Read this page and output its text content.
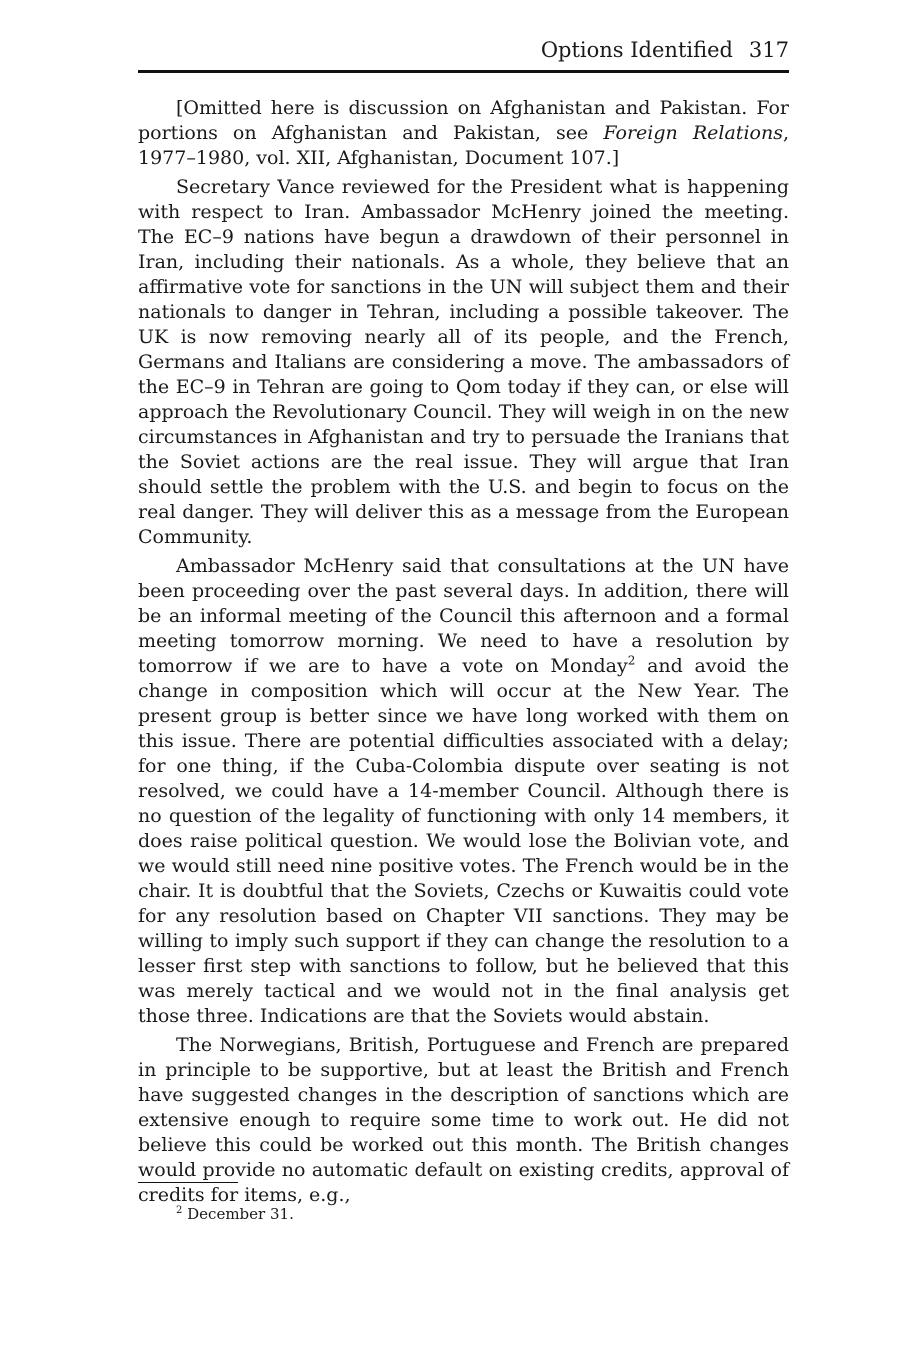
Options Identified 317

[Omitted here is discussion on Afghanistan and Pakistan. For portions on Afghanistan and Pakistan, see Foreign Relations, 1977–1980, vol. XII, Afghanistan, Document 107.]

Secretary Vance reviewed for the President what is happening with respect to Iran. Ambassador McHenry joined the meeting. The EC–9 nations have begun a drawdown of their personnel in Iran, including their nationals. As a whole, they believe that an affirmative vote for sanctions in the UN will subject them and their nationals to danger in Tehran, including a possible takeover. The UK is now removing nearly all of its people, and the French, Germans and Italians are considering a move. The ambassadors of the EC–9 in Tehran are going to Qom today if they can, or else will approach the Revolutionary Council. They will weigh in on the new circumstances in Afghanistan and try to persuade the Iranians that the Soviet actions are the real issue. They will argue that Iran should settle the problem with the U.S. and begin to focus on the real danger. They will deliver this as a message from the European Community.

Ambassador McHenry said that consultations at the UN have been proceeding over the past several days. In addition, there will be an informal meeting of the Council this afternoon and a formal meeting tomorrow morning. We need to have a resolution by tomorrow if we are to have a vote on Monday$^2$ and avoid the change in composition which will occur at the New Year. The present group is better since we have long worked with them on this issue. There are potential difficulties associated with a delay; for one thing, if the Cuba-Colombia dispute over seating is not resolved, we could have a 14-member Council. Although there is no question of the legality of functioning with only 14 members, it does raise political question. We would lose the Bolivian vote, and we would still need nine positive votes. The French would be in the chair. It is doubtful that the Soviets, Czechs or Kuwaitis could vote for any resolution based on Chapter VII sanctions. They may be willing to imply such support if they can change the resolution to a lesser first step with sanctions to follow, but he believed that this was merely tactical and we would not in the final analysis get those three. Indications are that the Soviets would abstain.

The Norwegians, British, Portuguese and French are prepared in principle to be supportive, but at least the British and French have suggested changes in the description of sanctions which are extensive enough to require some time to work out. He did not believe this could be worked out this month. The British changes would provide no automatic default on existing credits, approval of credits for items, e.g.,

$^2$ December 31.
